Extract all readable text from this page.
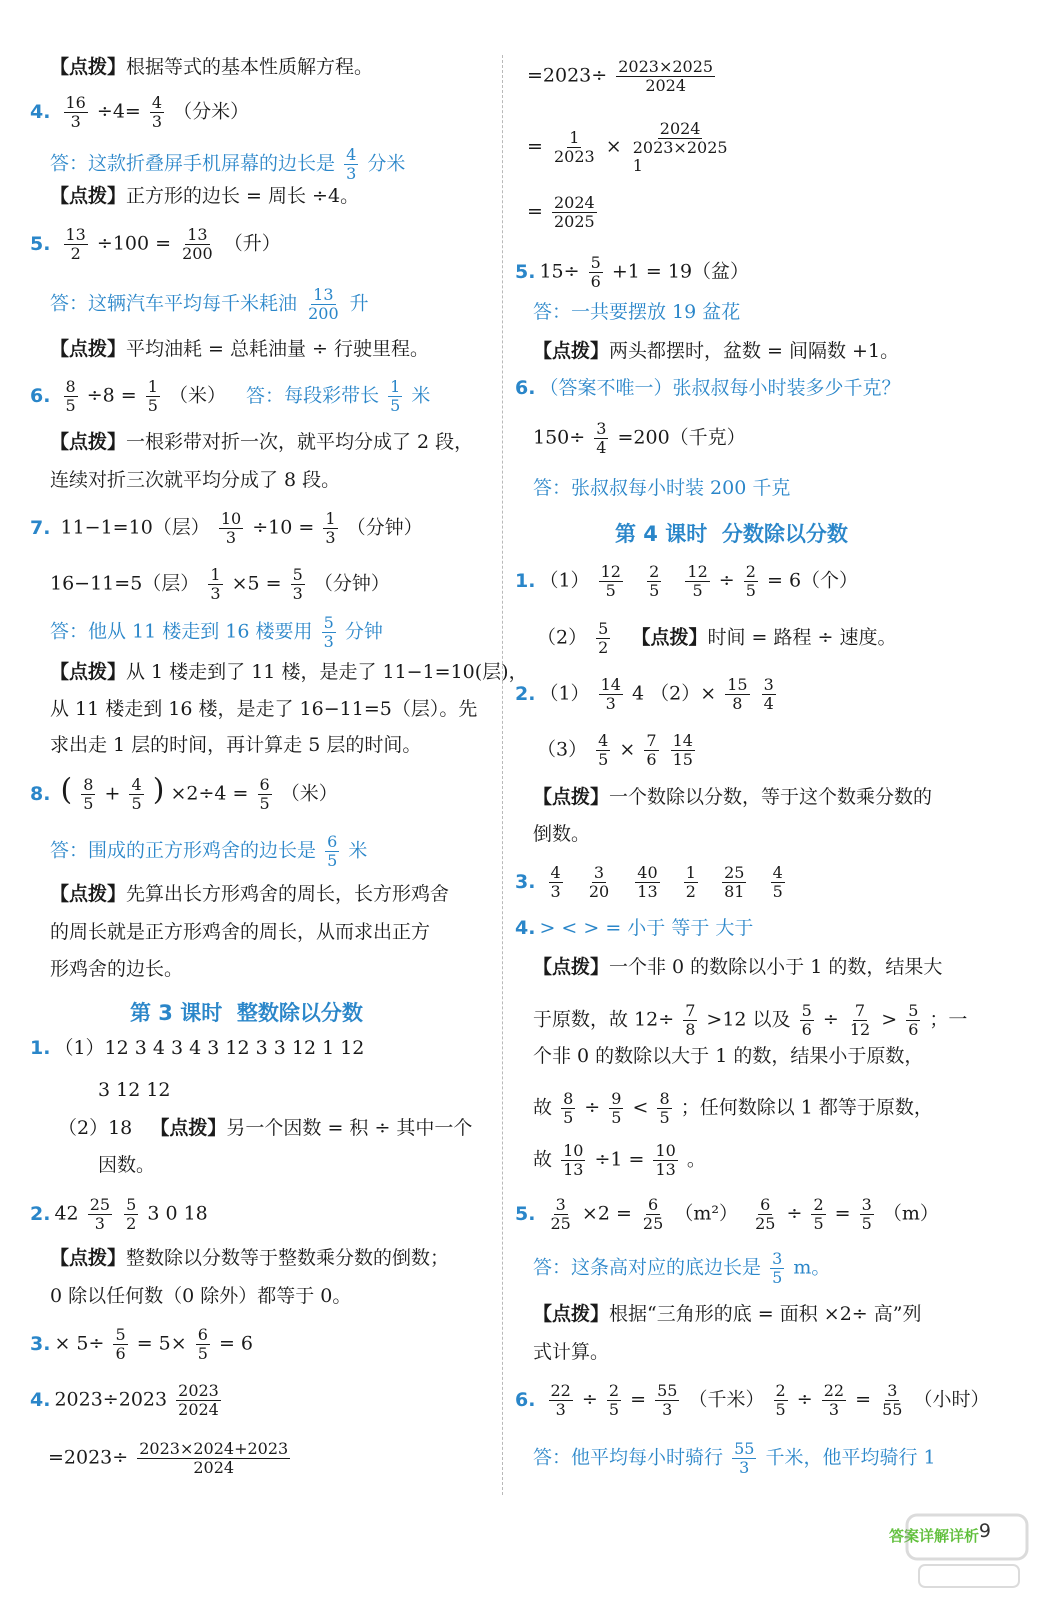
【点拨】根据等式的基本性质解方程。
4. $\frac{16}{3} \div 4= \frac{4}{3}$ （分米）
答：这款折叠屏手机屏幕的边长是 $\frac{4}{3}$ 分米
【点拨】正方形的边长 = 周长 ÷4。
5. $\frac{13}{2} \div 100 = \frac{13}{200}$ （升）
答：这辆汽车平均每千米耗油 $\frac{13}{200}$ 升
【点拨】平均油耗 = 总耗油量 ÷ 行驶里程。
6. $\frac{8}{5} \div 8 = \frac{1}{5}$ （米） 答：每段彩带长 $\frac{1}{5}$ 米
【点拨】一根彩带对折一次，就平均分成了 2 段，
连续对折三次就平均分成了 8 段。
7. 11−1=10（层） $\frac{10}{3} \div 10 = \frac{1}{3}$ （分钟）
16−11=5（层） $\frac{1}{3} \times 5 = \frac{5}{3}$ （分钟）
答：他从 11 楼走到 16 楼要用 $\frac{5}{3}$ 分钟
【点拨】从 1 楼走到了 11 楼，是走了 11−1=10(层)，
从 11 楼走到 16 楼，是走了 16−11=5（层）。先
求出走 1 层的时间，再计算走 5 层的时间。
8. ( $\frac{8}{5} + \frac{4}{5}$ ) $\times 2\div 4 = \frac{6}{5}$ （米）
答：围成的正方形鸡舍的边长是 $\frac{6}{5}$ 米
【点拨】先算出长方形鸡舍的周长，长方形鸡舍
的周长就是正方形鸡舍的周长，从而求出正方
形鸡舍的边长。
第 3 课时 整数除以分数
1. （1）12 3 4 3 4 3 12 3 3 12 1 12
3 12 12
（2）18 【点拨】另一个因数 = 积 ÷ 其中一个
因数。
2. $42 \frac{25}{3}$
$\frac{5}{2} 3$ 0 18
【点拨】整数除以分数等于整数乘分数的倒数；
0 除以任何数（0 除外）都等于 0。
3. × $5\div \frac{5}{6} = 5\times \frac{6}{5} = 6$
4. $2023\div 2023 \frac{2023}{2024}$
$=2023\div \frac{2023\times 2024+2023}{2024}$
$=2023\div \frac{2023\times 2025}{2024}$
= $\frac{1}{2023}$ ×
2024
2023×2025
1
= $\frac{2024}{2025}$
5. $15\div \frac{5}{6} +1 = 19$（盆）
答：一共要摆放 19 盆花
【点拨】两头都摆时，盆数 = 间隔数 +1。
6. （答案不唯一）张叔叔每小时装多少千克？
$150\div \frac{3}{4} =200$（千克）
答：张叔叔每小时装 200 千克
第 4 课时 分数除以分数
1. $(1) \frac{12}{5}$
$\frac{2}{5}$
$\frac{12}{5} \div \frac{2}{5} = 6$（个）
$(2) \frac{5}{2}$ 【点拨】时间 = 路程 ÷ 速度。
2. $(1) \frac{14}{3} 4$ $(2)\times \frac{15}{8}$
$\frac{3}{4}$
$(3) \frac{4}{5} \times \frac{7}{6}$
$\frac{14}{15}$
【点拨】一个数除以分数，等于这个数乘分数的
倒数。
3. $\frac{4}{3}$
$\frac{3}{20}$
$\frac{40}{13}$
$\frac{1}{2}$
$\frac{25}{81}$
$\frac{4}{5}$
4. > < > = 小于 等于 大于
【点拨】一个非 0 的数除以小于 1 的数，结果大
于原数，故 $12\div \frac{7}{8} >12$ 以及 $\frac{5}{6} \div \frac{7}{12} > \frac{5}{6}$ ；一
个非 0 的数除以大于 1 的数，结果小于原数，
故 $\frac{8}{5} \div \frac{9}{5} < \frac{8}{5}$ ；任何数除以 1 都等于原数，
故 $\frac{10}{13} \div 1 = \frac{10}{13}$ 。
5. $\frac{3}{25} \times 2 = \frac{6}{25} (m^2) \frac{6}{25} \div \frac{2}{5} = \frac{3}{5} (m)$
答：这条高对应的底边长是 $\frac{3}{5}$ m。
【点拨】根据“三角形的底 = 面积 ×2÷ 高”列
式计算。
6. $\frac{22}{3} \div \frac{2}{5} = \frac{55}{3}$ （千米） $\frac{2}{5} \div \frac{22}{3} = \frac{3}{55}$ （小时）
答：他平均每小时骑行 $\frac{55}{3}$ 千米，他平均骑行 1
答案详解详析 9
